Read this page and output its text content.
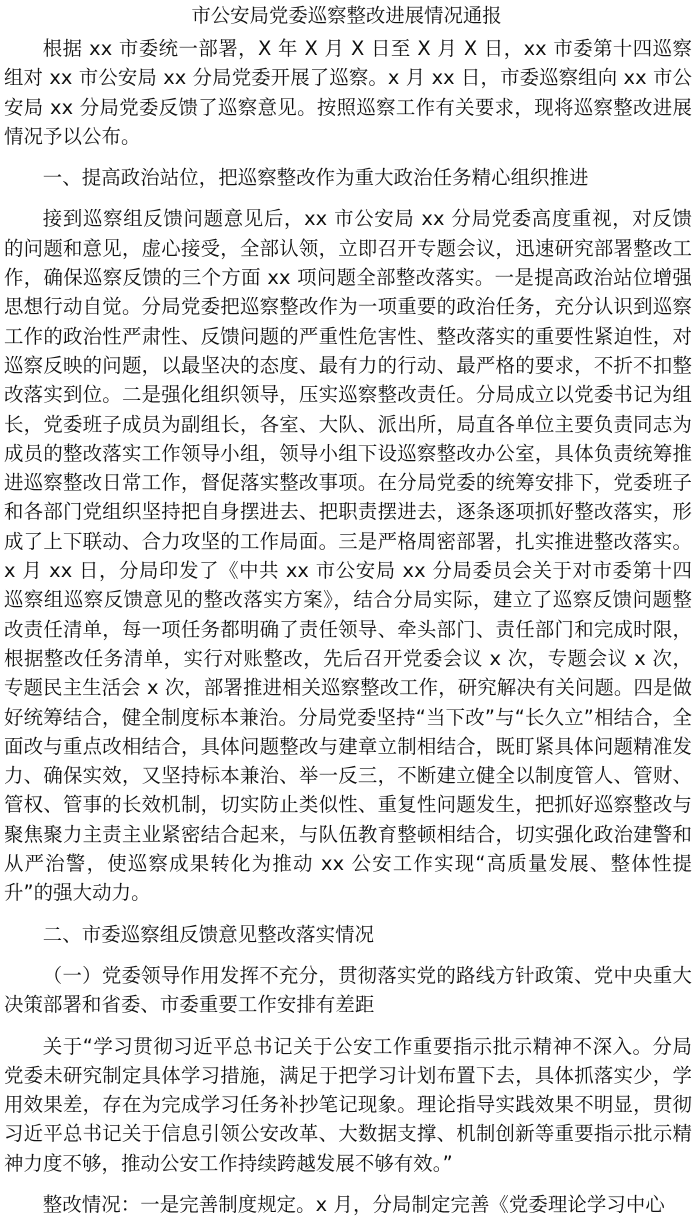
市公安局党委巡察整改进展情况通报

根据 xx 市委统一部署，X 年 X 月 X 日至 X 月 X 日，xx 市委第十四巡察组对 xx 市公安局 xx 分局党委开展了巡察。x 月 xx 日，市委巡察组向 xx 市公安局 xx 分局党委反馈了巡察意见。按照巡察工作有关要求，现将巡察整改进展情况予以公布。

一、提高政治站位，把巡察整改作为重大政治任务精心组织推进

接到巡察组反馈问题意见后，xx 市公安局 xx 分局党委高度重视，对反馈的问题和意见，虚心接受，全部认领，立即召开专题会议，迅速研究部署整改工作，确保巡察反馈的三个方面 xx 项问题全部整改落实。一是提高政治站位增强思想行动自觉。分局党委把巡察整改作为一项重要的政治任务，充分认识到巡察工作的政治性严肃性、反馈问题的严重性危害性、整改落实的重要性紧迫性，对巡察反映的问题，以最坚决的态度、最有力的行动、最严格的要求，不折不扣整改落实到位。二是强化组织领导，压实巡察整改责任。分局成立以党委书记为组长，党委班子成员为副组长，各室、大队、派出所，局直各单位主要负责同志为成员的整改落实工作领导小组，领导小组下设巡察整改办公室，具体负责统筹推进巡察整改日常工作，督促落实整改事项。在分局党委的统筹安排下，党委班子和各部门党组织坚持把自身摆进去、把职责摆进去，逐条逐项抓好整改落实，形成了上下联动、合力攻坚的工作局面。三是严格周密部署，扎实推进整改落实。x 月 xx 日，分局印发了《中共 xx 市公安局 xx 分局委员会关于对市委第十四巡察组巡察反馈意见的整改落实方案》，结合分局实际，建立了巡察反馈问题整改责任清单，每一项任务都明确了责任领导、牵头部门、责任部门和完成时限，根据整改任务清单，实行对账整改，先后召开党委会议 x 次，专题会议 x 次，专题民主生活会 x 次，部署推进相关巡察整改工作，研究解决有关问题。四是做好统筹结合，健全制度标本兼治。分局党委坚持“当下改”与“长久立”相结合，全面改与重点改相结合，具体问题整改与建章立制相结合，既盯紧具体问题精准发力、确保实效，又坚持标本兼治、举一反三，不断建立健全以制度管人、管财、管权、管事的长效机制，切实防止类似性、重复性问题发生，把抓好巡察整改与聚焦聚力主责主业紧密结合起来，与队伍教育整顿相结合，切实强化政治建警和从严治警，使巡察成果转化为推动 xx 公安工作实现“高质量发展、整体性提升”的强大动力。

二、市委巡察组反馈意见整改落实情况

（一）党委领导作用发挥不充分，贯彻落实党的路线方针政策、党中央重大决策部署和省委、市委重要工作安排有差距

关于“学习贯彻习近平总书记关于公安工作重要指示批示精神不深入。分局党委未研究制定具体学习措施，满足于把学习计划布置下去，具体抓落实少，学用效果差，存在为完成学习任务补抄笔记现象。理论指导实践效果不明显，贯彻习近平总书记关于信息引领公安改革、大数据支撑、机制创新等重要指示批示精神力度不够，推动公安工作持续跨越发展不够有效。”

整改情况：一是完善制度规定。x 月，分局制定完善《党委理论学习中心
